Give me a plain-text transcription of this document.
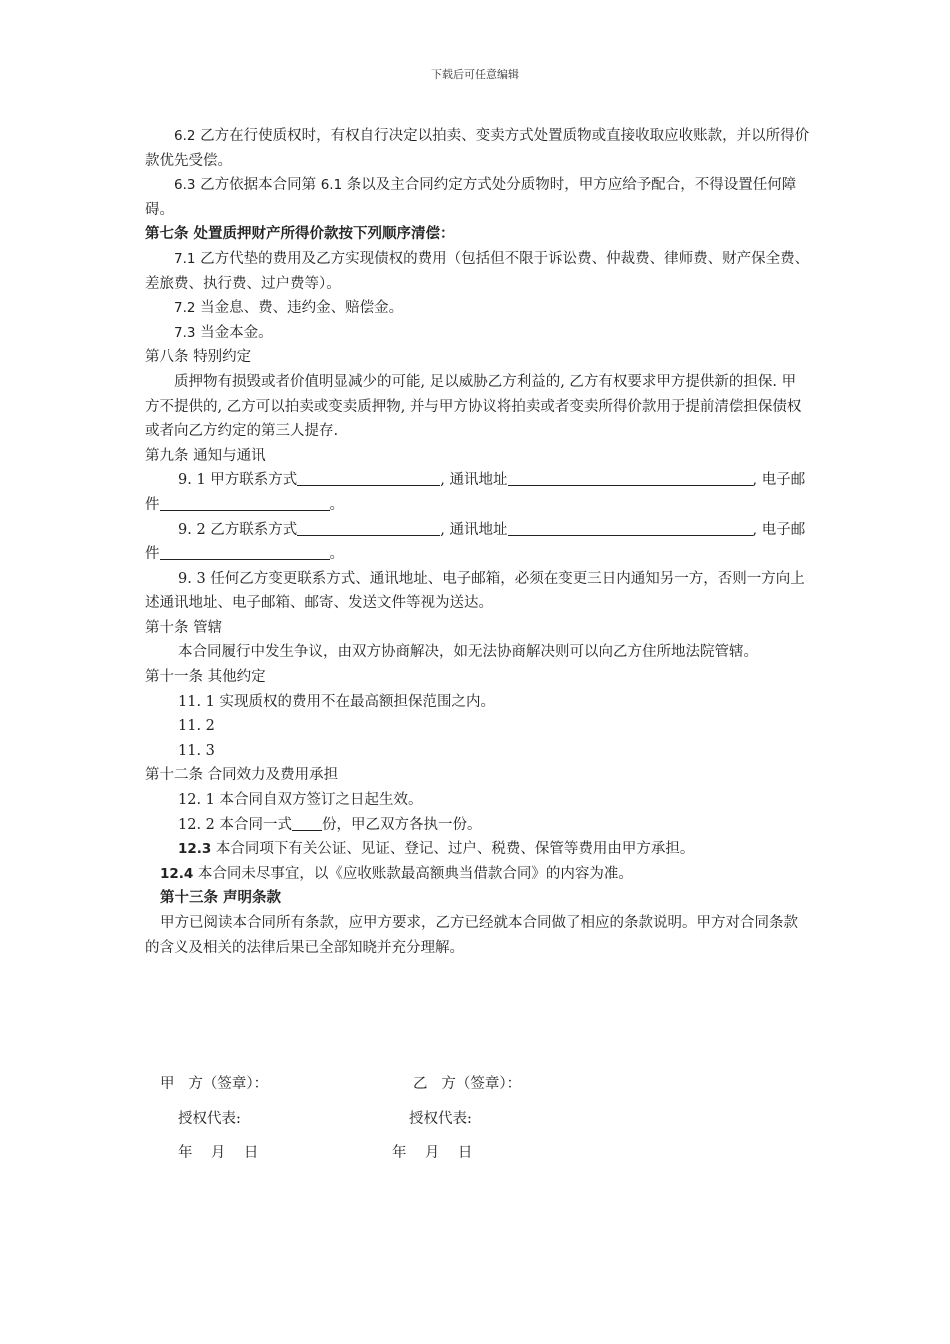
下载后可任意编辑

6.2 乙方在行使质权时，有权自行决定以拍卖、变卖方式处置质物或直接收取应收账款，并以所得价款优先受偿。

6.3 乙方依据本合同第 6.1 条以及主合同约定方式处分质物时，甲方应给予配合，不得设置任何障碍。

第七条 处置质押财产所得价款按下列顺序清偿：

7.1 乙方代垫的费用及乙方实现债权的费用（包括但不限于诉讼费、仲裁费、律师费、财产保全费、差旅费、执行费、过户费等）。

7.2 当金息、费、违约金、赔偿金。

7.3 当金本金。

第八条 特别约定

质押物有损毁或者价值明显减少的可能, 足以威胁乙方利益的, 乙方有权要求甲方提供新的担保. 甲方不提供的, 乙方可以拍卖或变卖质押物, 并与甲方协议将拍卖或者变卖所得价款用于提前清偿担保债权或者向乙方约定的第三人提存.

第九条 通知与通讯

9. 1 甲方联系方式	, 通讯地址	, 电子邮件	。

9. 2 乙方联系方式	, 通讯地址	, 电子邮件	。

9. 3 任何乙方变更联系方式、通讯地址、电子邮箱，必须在变更三日内通知另一方，否则一方向上述通讯地址、电子邮箱、邮寄、发送文件等视为送达。

第十条 管辖

本合同履行中发生争议，由双方协商解决，如无法协商解决则可以向乙方住所地法院管辖。

第十一条 其他约定

11. 1 实现质权的费用不在最高额担保范围之内。

11. 2

11. 3

第十二条 合同效力及费用承担

12. 1 本合同自双方签订之日起生效。

12. 2 本合同一式 份，甲乙双方各执一份。

12.3 本合同项下有关公证、见证、登记、过户、税费、保管等费用由甲方承担。

12.4 本合同未尽事宜，以《应收账款最高额典当借款合同》的内容为准。

第十三条 声明条款

甲方已阅读本合同所有条款，应甲方要求，乙方已经就本合同做了相应的条款说明。甲方对合同条款的含义及相关的法律后果已全部知晓并充分理解。

甲   方（签章）：	乙   方（签章）：
授权代表:	授权代表:
年    月    日	年    月    日
